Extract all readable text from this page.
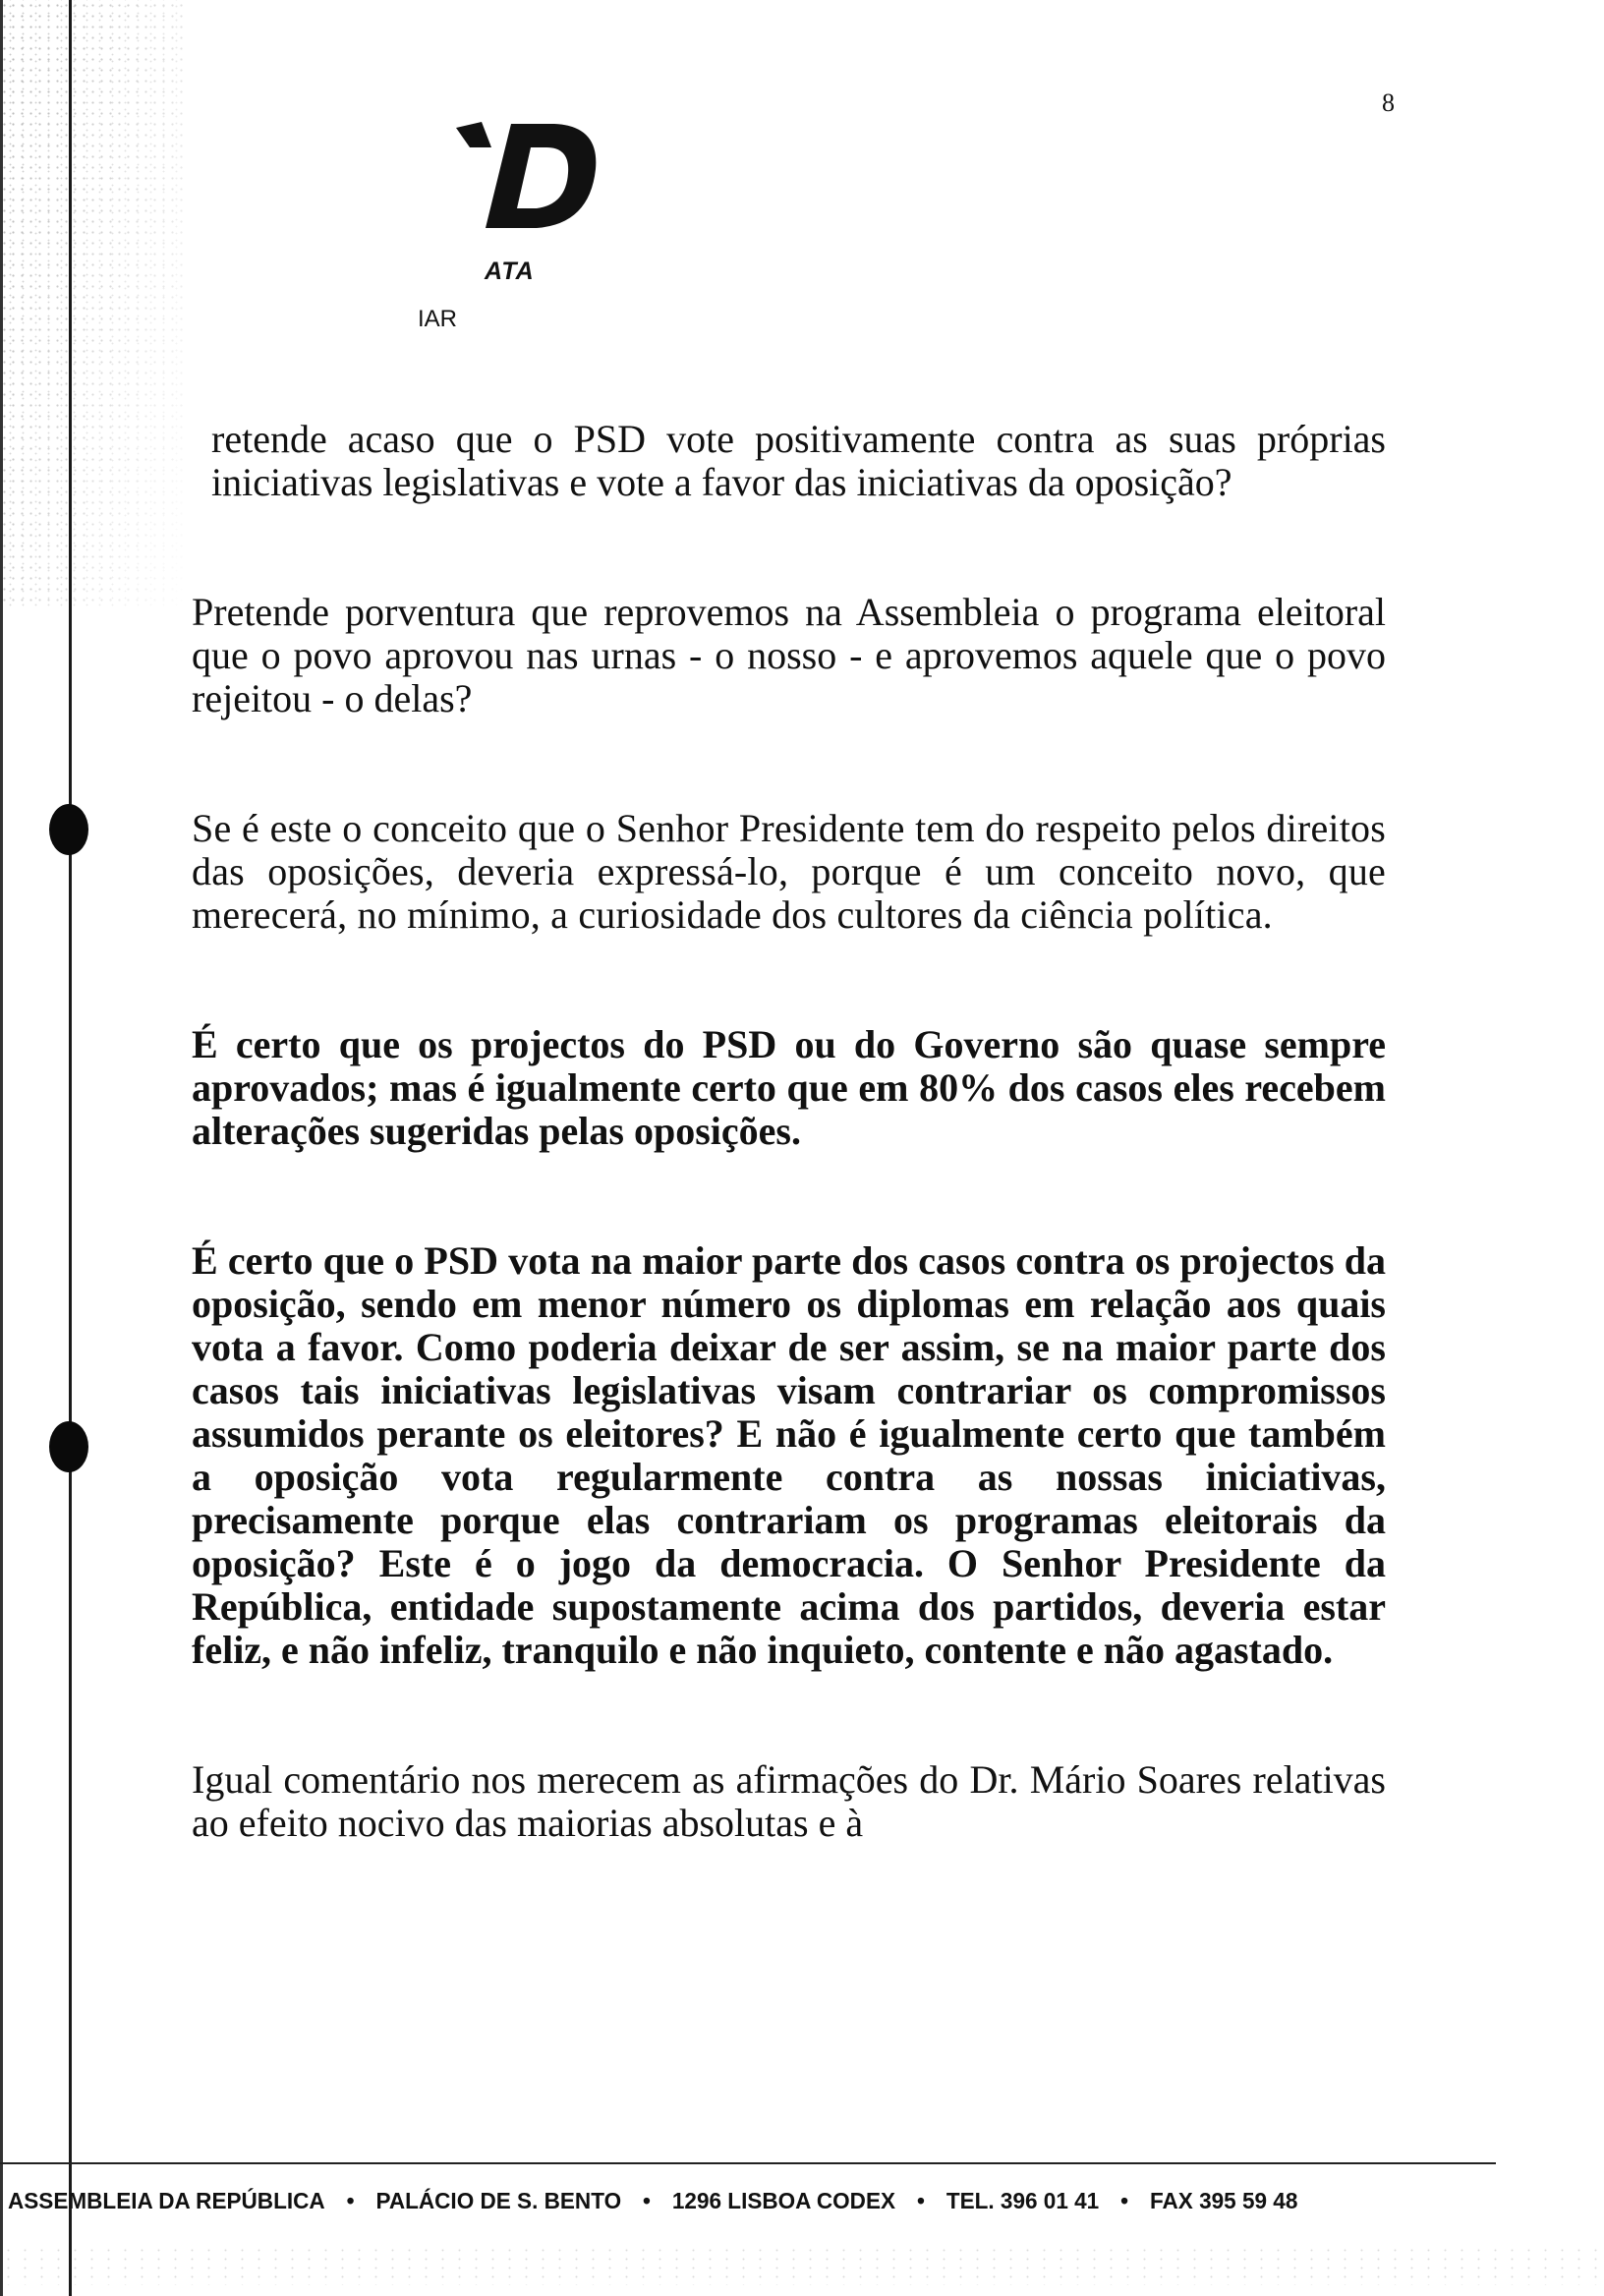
8
ATA
IAR

retende acaso que o PSD vote positivamente contra as suas próprias iniciativas legislativas e vote a favor das iniciativas da oposição?

Pretende porventura que reprovemos na Assembleia o programa eleitoral que o povo aprovou nas urnas - o nosso - e aprovemos aquele que o povo rejeitou - o delas?

Se é este o conceito que o Senhor Presidente tem do respeito pelos direitos das oposições, deveria expressá-lo, porque é um conceito novo, que merecerá, no mínimo, a curiosidade dos cultores da ciência política.

É certo que os projectos do PSD ou do Governo são quase sempre aprovados; mas é igualmente certo que em 80% dos casos eles recebem alterações sugeridas pelas oposições.

É certo que o PSD vota na maior parte dos casos contra os projectos da oposição, sendo em menor número os diplomas em relação aos quais vota a favor. Como poderia deixar de ser assim, se na maior parte dos casos tais iniciativas legislativas visam contrariar os compromissos assumidos perante os eleitores? E não é igualmente certo que também a oposição vota regularmente contra as nossas iniciativas, precisamente porque elas contrariam os programas eleitorais da oposição? Este é o jogo da democracia. O Senhor Presidente da República, entidade supostamente acima dos partidos, deveria estar feliz, e não infeliz, tranquilo e não inquieto, contente e não agastado.

Igual comentário nos merecem as afirmações do Dr. Mário Soares relativas ao efeito nocivo das maiorias absolutas e à

ASSEMBLEIA DA REPÚBLICA • PALÁCIO DE S. BENTO • 1296 LISBOA CODEX • TEL. 396 01 41 • FAX 395 59 48
